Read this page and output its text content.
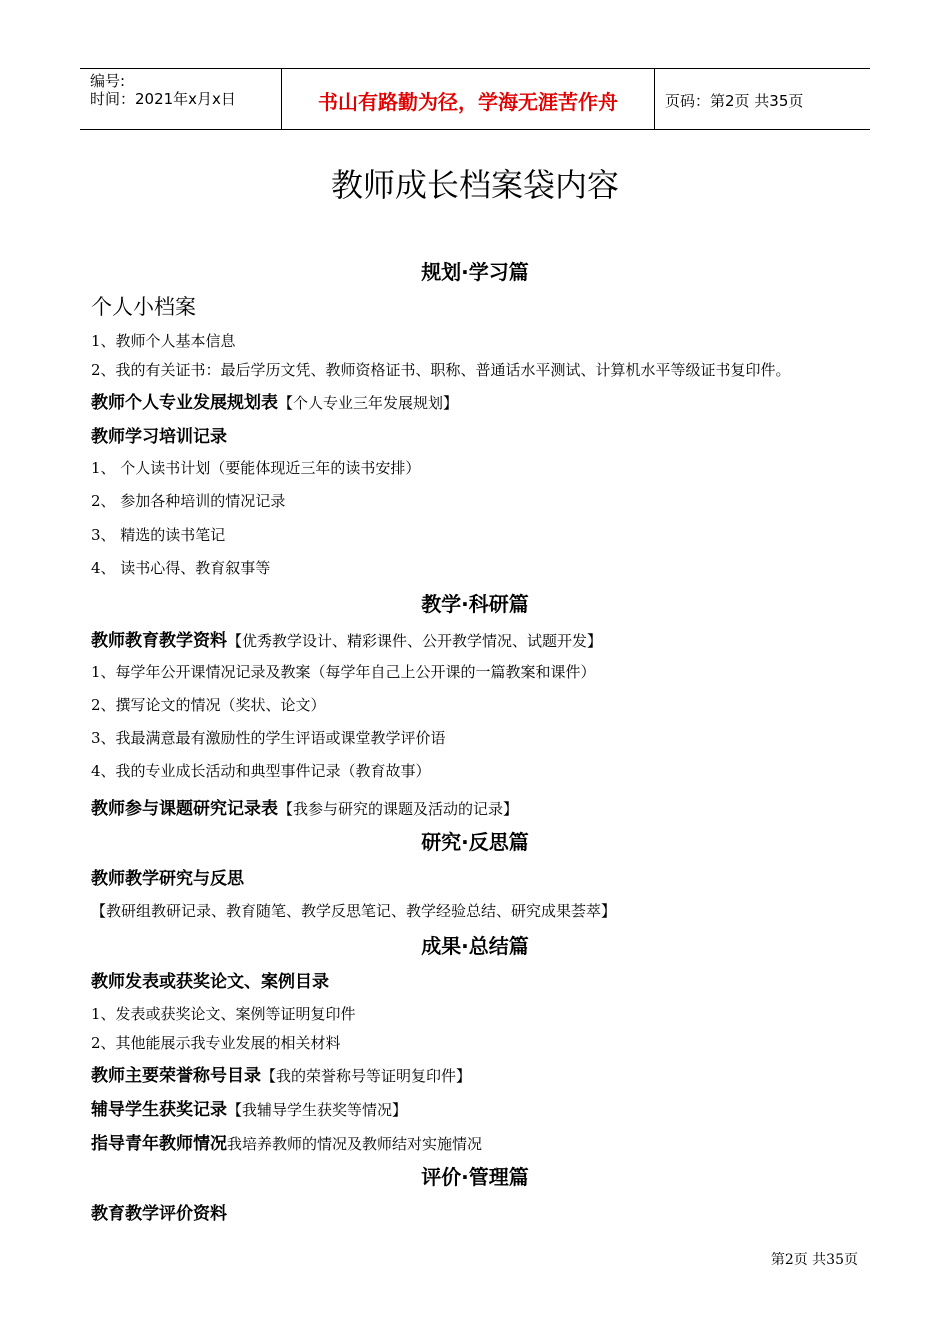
编号:
时间：2021年x月x日	书山有路勤为径，学海无涯苦作舟	页码：第2页 共35页
教师成长档案袋内容
规划·学习篇
个人小档案
1、教师个人基本信息
2、我的有关证书：最后学历文凭、教师资格证书、职称、普通话水平测试、计算机水平等级证书复印件。
教师个人专业发展规划表【个人专业三年发展规划】
教师学习培训记录
1、 个人读书计划（要能体现近三年的读书安排）
2、 参加各种培训的情况记录
3、 精选的读书笔记
4、 读书心得、教育叙事等
教学·科研篇
教师教育教学资料【优秀教学设计、精彩课件、公开教学情况、试题开发】
1、每学年公开课情况记录及教案（每学年自己上公开课的一篇教案和课件）
2、撰写论文的情况（奖状、论文）
3、我最满意最有激励性的学生评语或课堂教学评价语
4、我的专业成长活动和典型事件记录（教育故事）
教师参与课题研究记录表【我参与研究的课题及活动的记录】
研究·反思篇
教师教学研究与反思
【教研组教研记录、教育随笔、教学反思笔记、教学经验总结、研究成果荟萃】
成果·总结篇
教师发表或获奖论文、案例目录
1、发表或获奖论文、案例等证明复印件
2、其他能展示我专业发展的相关材料
教师主要荣誉称号目录【我的荣誉称号等证明复印件】
辅导学生获奖记录【我辅导学生获奖等情况】
指导青年教师情况我培养教师的情况及教师结对实施情况
评价·管理篇
教育教学评价资料
第2页 共35页
